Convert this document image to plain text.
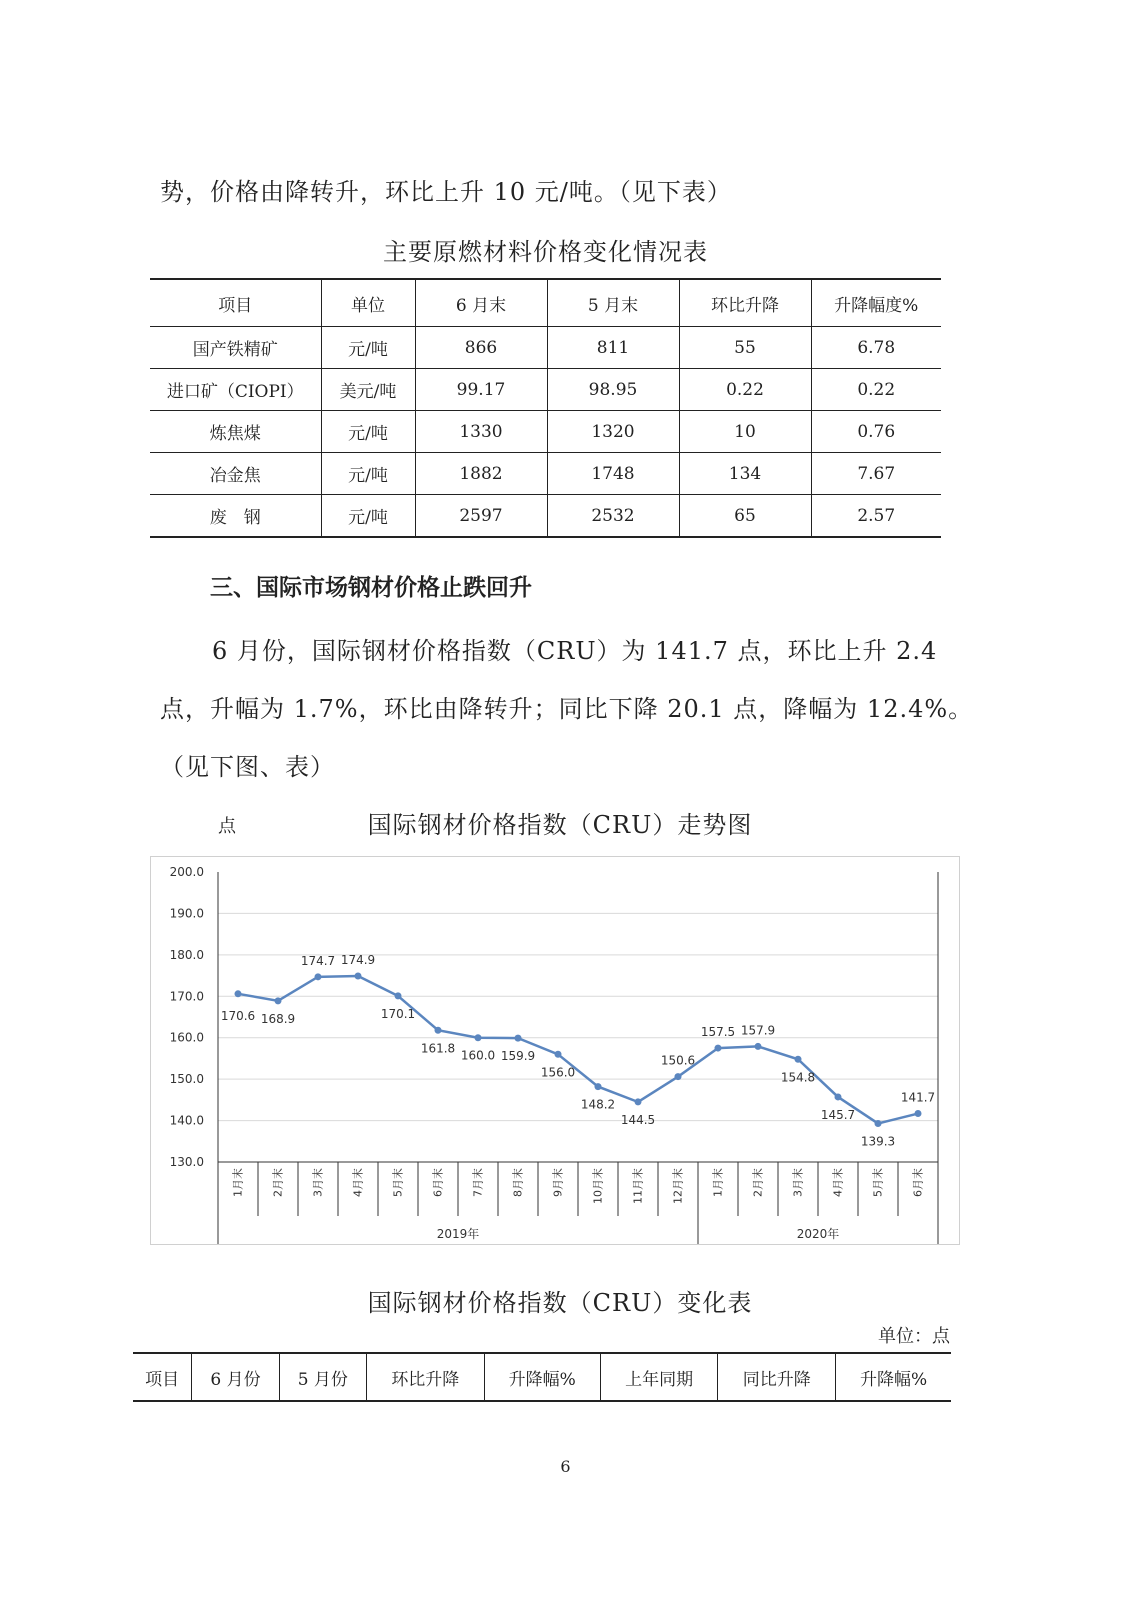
势，价格由降转升，环比上升 10 元/吨。（见下表）
主要原燃材料价格变化情况表
项目	单位	6 月末	5 月末	环比升降	升降幅度%
国产铁精矿	元/吨	866	811	55	6.78
进口矿（CIOPI）	美元/吨	99.17	98.95	0.22	0.22
炼焦煤	元/吨	1330	1320	10	0.76
冶金焦	元/吨	1882	1748	134	7.67
废　钢	元/吨	2597	2532	65	2.57
三、国际市场钢材价格止跌回升
6 月份，国际钢材价格指数（CRU）为 141.7 点，环比上升 2.4
点，升幅为 1.7%，环比由降转升；同比下降 20.1 点，降幅为 12.4%。
（见下图、表）
点	国际钢材价格指数（CRU）走势图
200.0
190.0
180.0
170.0
160.0
150.0
140.0
130.0
170.6 168.9
174.7 174.9
170.1
161.8
160.0 159.9
156.0
148.2
144.5
150.6
157.5 157.9
154.8
145.7
139.3
141.7
1月末 2月末 3月末 4月末 5月末 6月末 7月末 8月末 9月末 10月末 11月末 12月末 1月末 2月末 3月末 4月末 5月末 6月末
2019年	2020年
国际钢材价格指数（CRU）变化表
单位：点
项目	6 月份	5 月份	环比升降	升降幅%	上年同期	同比升降	升降幅%
6
